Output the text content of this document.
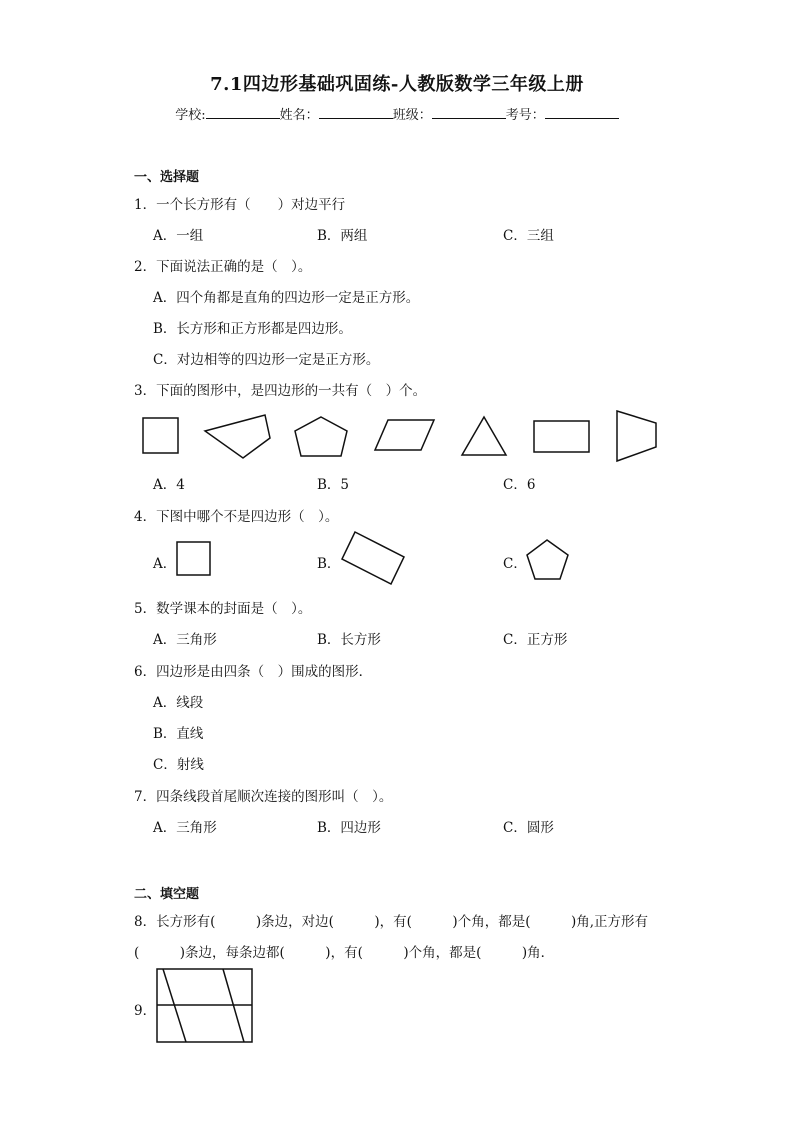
7.1四边形基础巩固练-人教版数学三年级上册
学校:	姓名：	班级：	考号：
一、选择题
1．一个长方形有（　　）对边平行
A．一组	B．两组	C．三组
2．下面说法正确的是（　）。
A．四个角都是直角的四边形一定是正方形。
B．长方形和正方形都是四边形。
C．对边相等的四边形一定是正方形。
3．下面的图形中，是四边形的一共有（　）个。
A．4	B．5	C．6
4．下图中哪个不是四边形（　）。
A．	B．	C．
5．数学课本的封面是（　）。
A．三角形	B．长方形	C．正方形
6．四边形是由四条（　）围成的图形．
A．线段
B．直线
C．射线
7．四条线段首尾顺次连接的图形叫（　）。
A．三角形	B．四边形	C．圆形
二、填空题
8．长方形有(　　　)条边，对边(　　　)，有(　　　)个角，都是(　　　)角,正方形有
(　　　)条边，每条边都(　　　)，有(　　　)个角，都是(　　　)角．
9．
